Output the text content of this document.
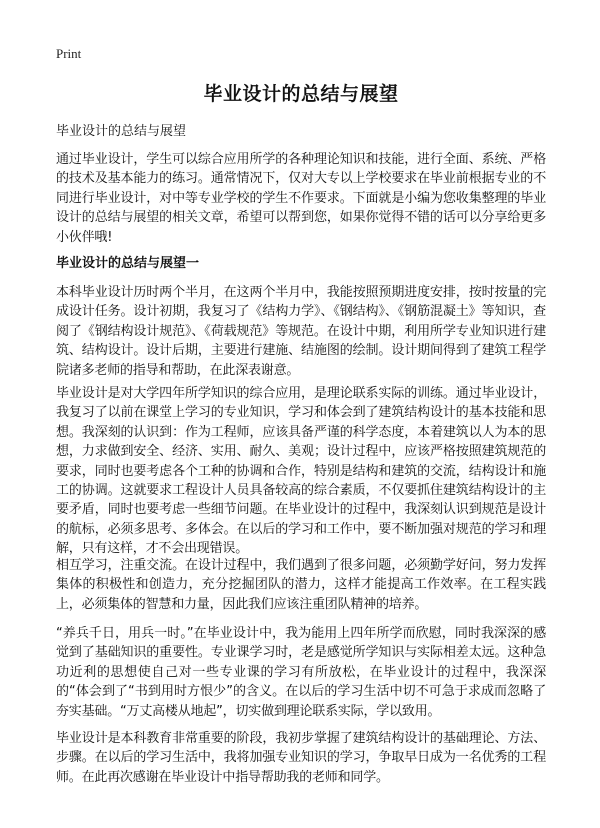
Print
毕业设计的总结与展望

毕业设计的总结与展望

通过毕业设计，学生可以综合应用所学的各种理论知识和技能，进行全面、系统、严格的技术及基本能力的练习。通常情况下，仅对大专以上学校要求在毕业前根据专业的不同进行毕业设计，对中等专业学校的学生不作要求。下面就是小编为您收集整理的毕业设计的总结与展望的相关文章，希望可以帮到您，如果你觉得不错的话可以分享给更多小伙伴哦!

毕业设计的总结与展望一

本科毕业设计历时两个半月，在这两个半月中，我能按照预期进度安排，按时按量的完成设计任务。设计初期，我复习了《结构力学》、《钢结构》、《钢筋混凝土》等知识，查阅了《钢结构设计规范》、《荷载规范》等规范。在设计中期，利用所学专业知识进行建筑、结构设计。设计后期，主要进行建施、结施图的绘制。设计期间得到了建筑工程学院诸多老师的指导和帮助，在此深表谢意。

毕业设计是对大学四年所学知识的综合应用，是理论联系实际的训练。通过毕业设计，我复习了以前在课堂上学习的专业知识，学习和体会到了建筑结构设计的基本技能和思想。我深刻的认识到：作为工程师，应该具备严谨的科学态度，本着建筑以人为本的思想，力求做到安全、经济、实用、耐久、美观；设计过程中，应该严格按照建筑规范的要求，同时也要考虑各个工种的协调和合作，特别是结构和建筑的交流，结构设计和施工的协调。这就要求工程设计人员具备较高的综合素质，不仅要抓住建筑结构设计的主要矛盾，同时也要考虑一些细节问题。在毕业设计的过程中，我深刻认识到规范是设计的航标，必须多思考、多体会。在以后的学习和工作中，要不断加强对规范的学习和理解，只有这样，才不会出现错误。

相互学习，注重交流。在设计过程中，我们遇到了很多问题，必须勤学好问，努力发挥集体的积极性和创造力，充分挖掘团队的潜力，这样才能提高工作效率。在工程实践上，必须集体的智慧和力量，因此我们应该注重团队精神的培养。

“养兵千日，用兵一时。”在毕业设计中，我为能用上四年所学而欣慰，同时我深深的感觉到了基础知识的重要性。专业课学习时，老是感觉所学知识与实际相差太远。这种急功近利的思想使自己对一些专业课的学习有所放松，在毕业设计的过程中，我深深的“体会到了“书到用时方恨少”的含义。在以后的学习生活中切不可急于求成而忽略了夯实基础。“万丈高楼从地起”，切实做到理论联系实际，学以致用。

毕业设计是本科教育非常重要的阶段，我初步掌握了建筑结构设计的基础理论、方法、步骤。在以后的学习生活中，我将加强专业知识的学习，争取早日成为一名优秀的工程师。在此再次感谢在毕业设计中指导帮助我的老师和同学。
